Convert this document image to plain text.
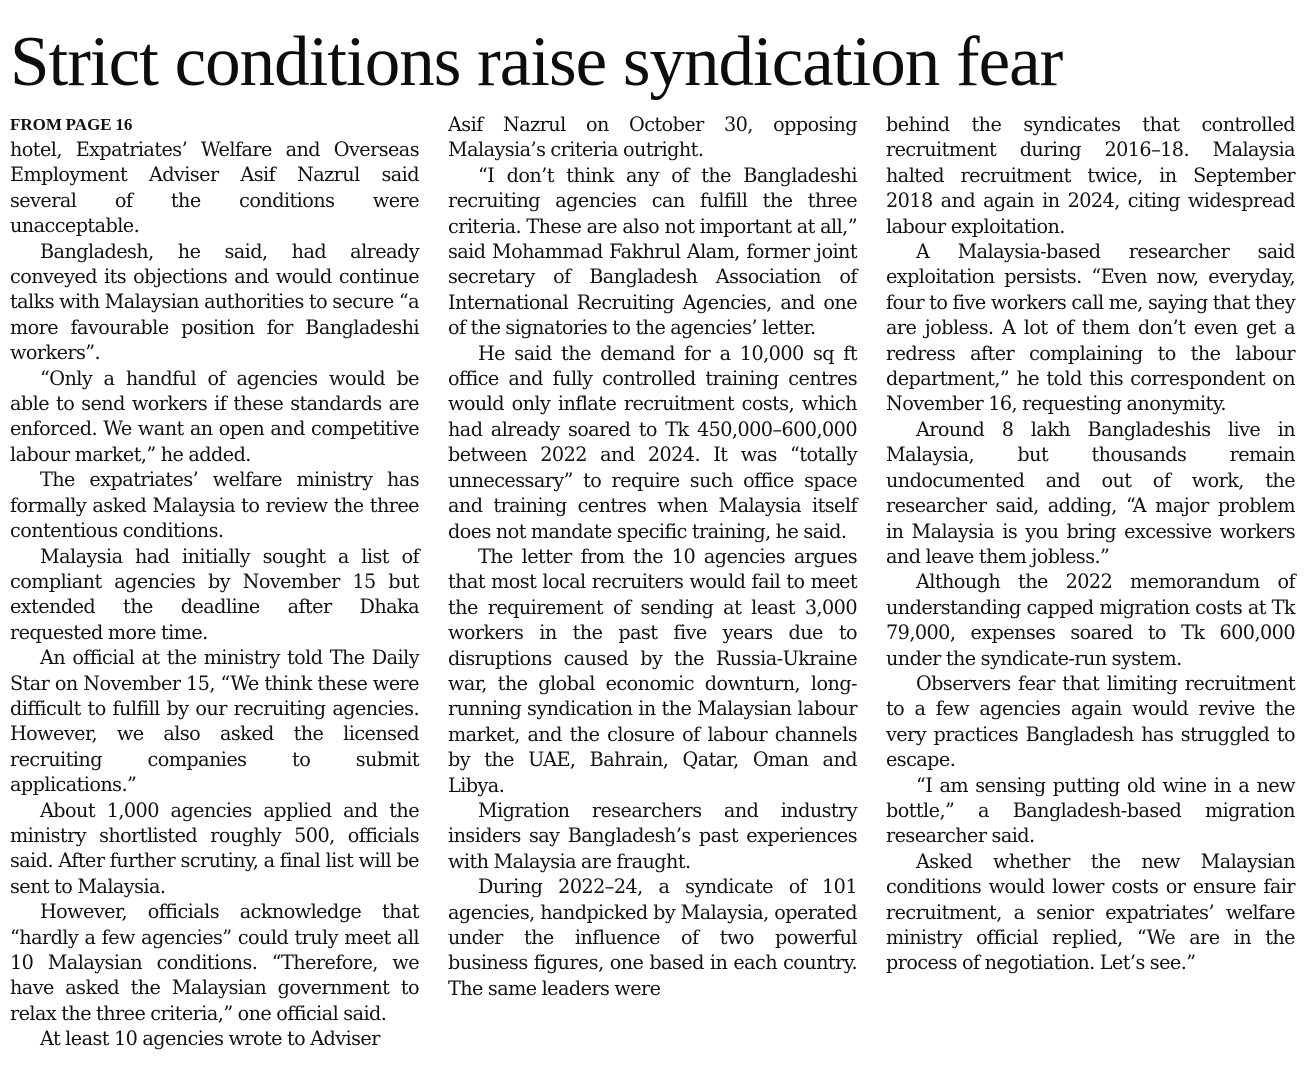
Strict conditions raise syndication fear

FROM PAGE 16

hotel, Expatriates’ Welfare and Overseas Employment Adviser Asif Nazrul said several of the conditions were unacceptable.

Bangladesh, he said, had already conveyed its objections and would continue talks with Malaysian authorities to secure “a more favourable position for Bangladeshi workers”.

“Only a handful of agencies would be able to send workers if these standards are enforced. We want an open and competitive labour market,” he added.

The expatriates’ welfare ministry has formally asked Malaysia to review the three contentious conditions.

Malaysia had initially sought a list of compliant agencies by November 15 but extended the deadline after Dhaka requested more time.

An official at the ministry told The Daily Star on November 15, “We think these were difficult to fulfill by our recruiting agencies. However, we also asked the licensed recruiting companies to submit applications.”

About 1,000 agencies applied and the ministry shortlisted roughly 500, officials said. After further scrutiny, a final list will be sent to Malaysia.

However, officials acknowledge that “hardly a few agencies” could truly meet all 10 Malaysian conditions. “Therefore, we have asked the Malaysian government to relax the three criteria,” one official said.

At least 10 agencies wrote to Adviser

Asif Nazrul on October 30, opposing Malaysia’s criteria outright.

“I don’t think any of the Bangladeshi recruiting agencies can fulfill the three criteria. These are also not important at all,” said Mohammad Fakhrul Alam, former joint secretary of Bangladesh Association of International Recruiting Agencies, and one of the signatories to the agencies’ letter.

He said the demand for a 10,000 sq ft office and fully controlled training centres would only inflate recruitment costs, which had already soared to Tk 450,000–600,000 between 2022 and 2024. It was “totally unnecessary” to require such office space and training centres when Malaysia itself does not mandate specific training, he said.

The letter from the 10 agencies argues that most local recruiters would fail to meet the requirement of sending at least 3,000 workers in the past five years due to disruptions caused by the Russia-Ukraine war, the global economic downturn, long-running syndication in the Malaysian labour market, and the closure of labour channels by the UAE, Bahrain, Qatar, Oman and Libya.

Migration researchers and industry insiders say Bangladesh’s past experiences with Malaysia are fraught.

During 2022–24, a syndicate of 101 agencies, handpicked by Malaysia, operated under the influence of two powerful business figures, one based in each country. The same leaders were

behind the syndicates that controlled recruitment during 2016–18. Malaysia halted recruitment twice, in September 2018 and again in 2024, citing widespread labour exploitation.

A Malaysia-based researcher said exploitation persists. “Even now, everyday, four to five workers call me, saying that they are jobless. A lot of them don’t even get a redress after complaining to the labour department,” he told this correspondent on November 16, requesting anonymity.

Around 8 lakh Bangladeshis live in Malaysia, but thousands remain undocumented and out of work, the researcher said, adding, “A major problem in Malaysia is you bring excessive workers and leave them jobless.”

Although the 2022 memorandum of understanding capped migration costs at Tk 79,000, expenses soared to Tk 600,000 under the syndicate-run system.

Observers fear that limiting recruitment to a few agencies again would revive the very practices Bangladesh has struggled to escape.

“I am sensing putting old wine in a new bottle,” a Bangladesh-based migration researcher said.

Asked whether the new Malaysian conditions would lower costs or ensure fair recruitment, a senior expatriates’ welfare ministry official replied, “We are in the process of negotiation. Let’s see.”
